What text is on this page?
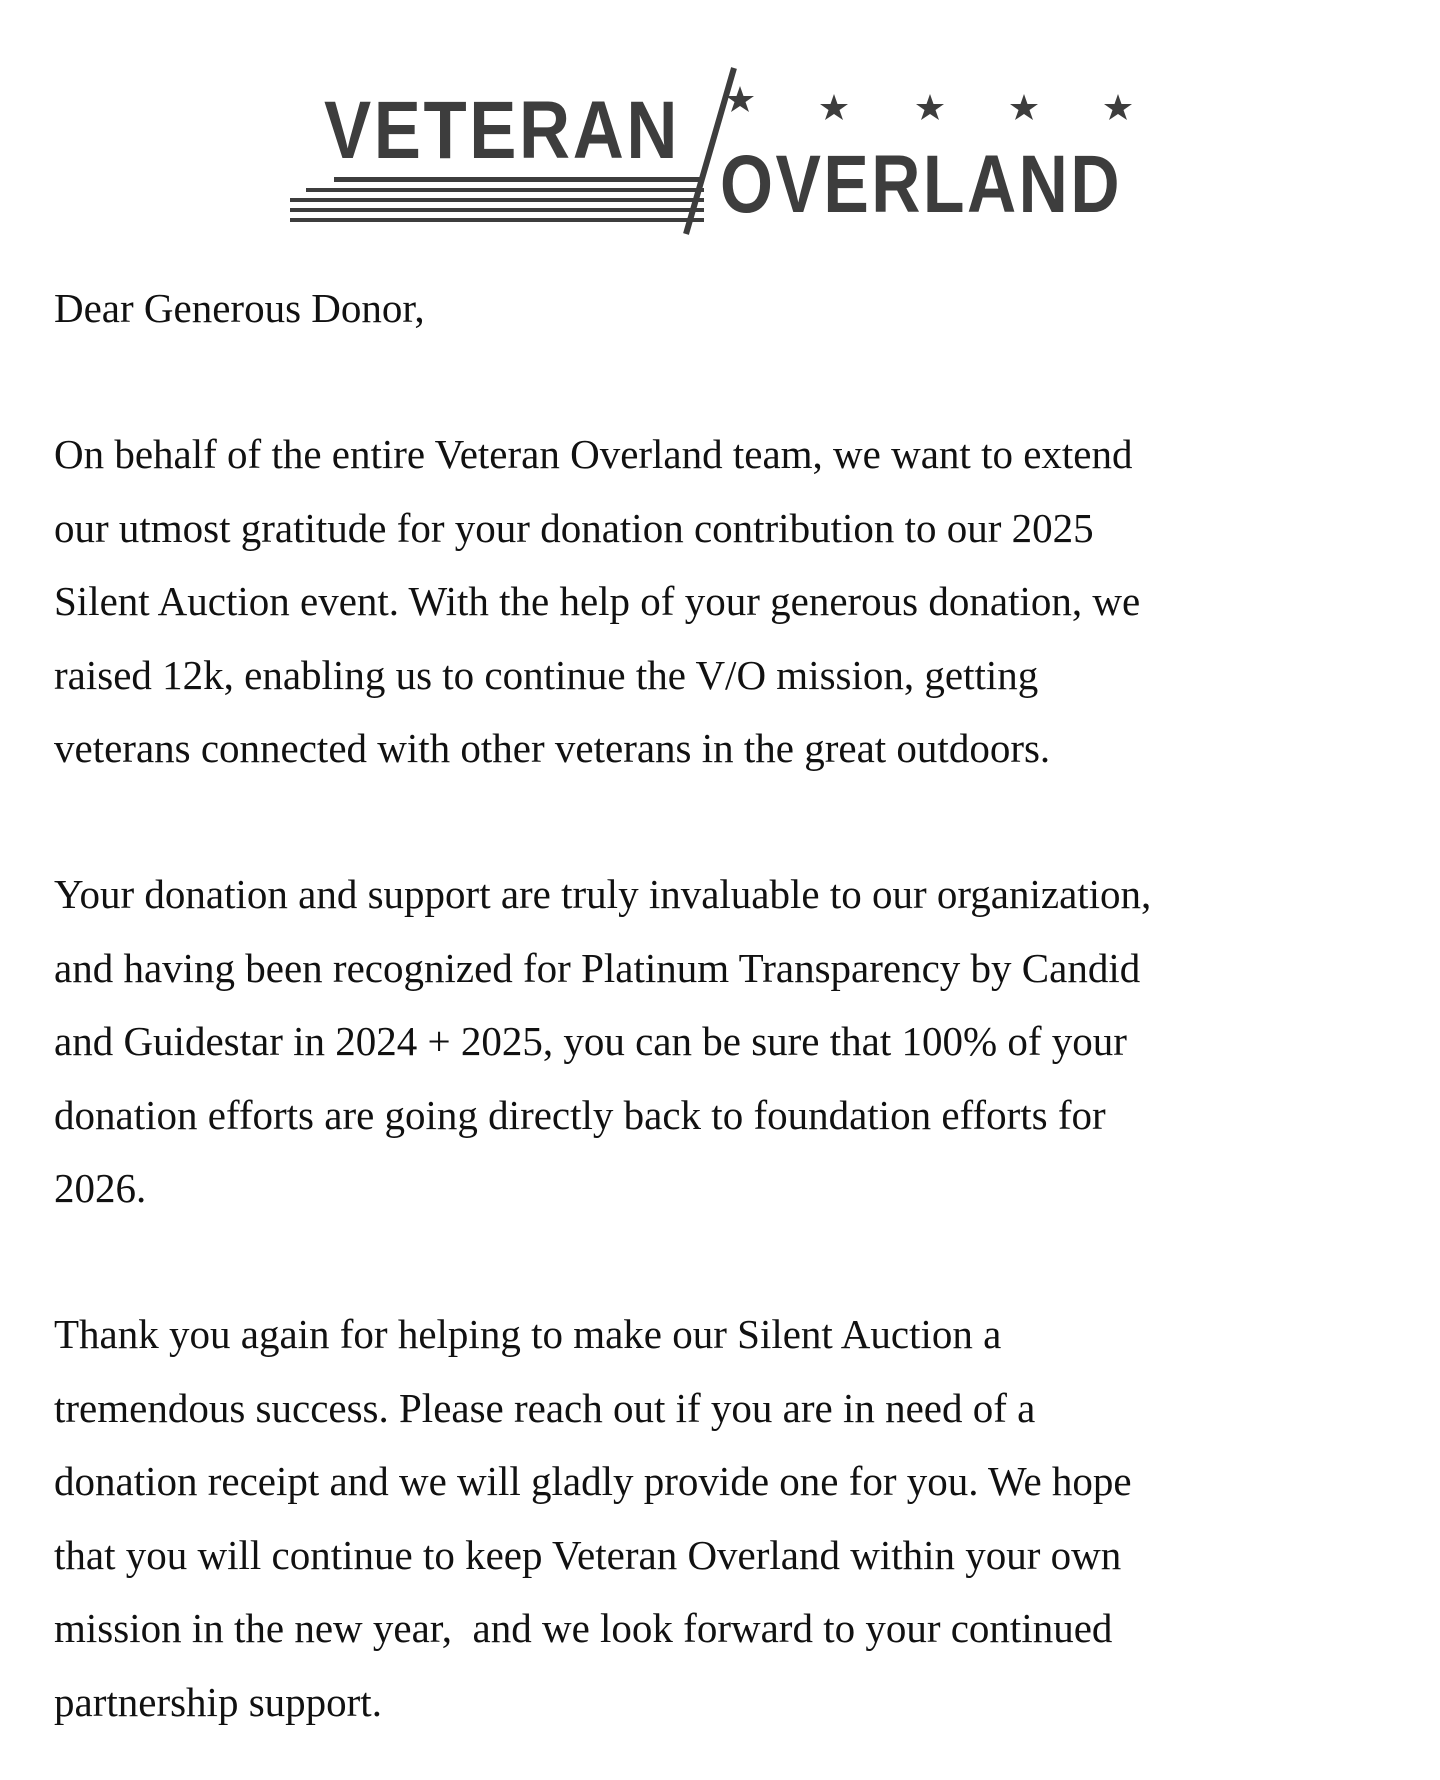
VETERAN
OVERLAND

Dear Generous Donor,

On behalf of the entire Veteran Overland team, we want to extend
our utmost gratitude for your donation contribution to our 2025
Silent Auction event. With the help of your generous donation, we
raised 12k, enabling us to continue the V/O mission, getting
veterans connected with other veterans in the great outdoors.

Your donation and support are truly invaluable to our organization,
and having been recognized for Platinum Transparency by Candid
and Guidestar in 2024 + 2025, you can be sure that 100% of your
donation efforts are going directly back to foundation efforts for
2026.

Thank you again for helping to make our Silent Auction a
tremendous success. Please reach out if you are in need of a
donation receipt and we will gladly provide one for you. We hope
that you will continue to keep Veteran Overland within your own
mission in the new year,  and we look forward to your continued
partnership support.
